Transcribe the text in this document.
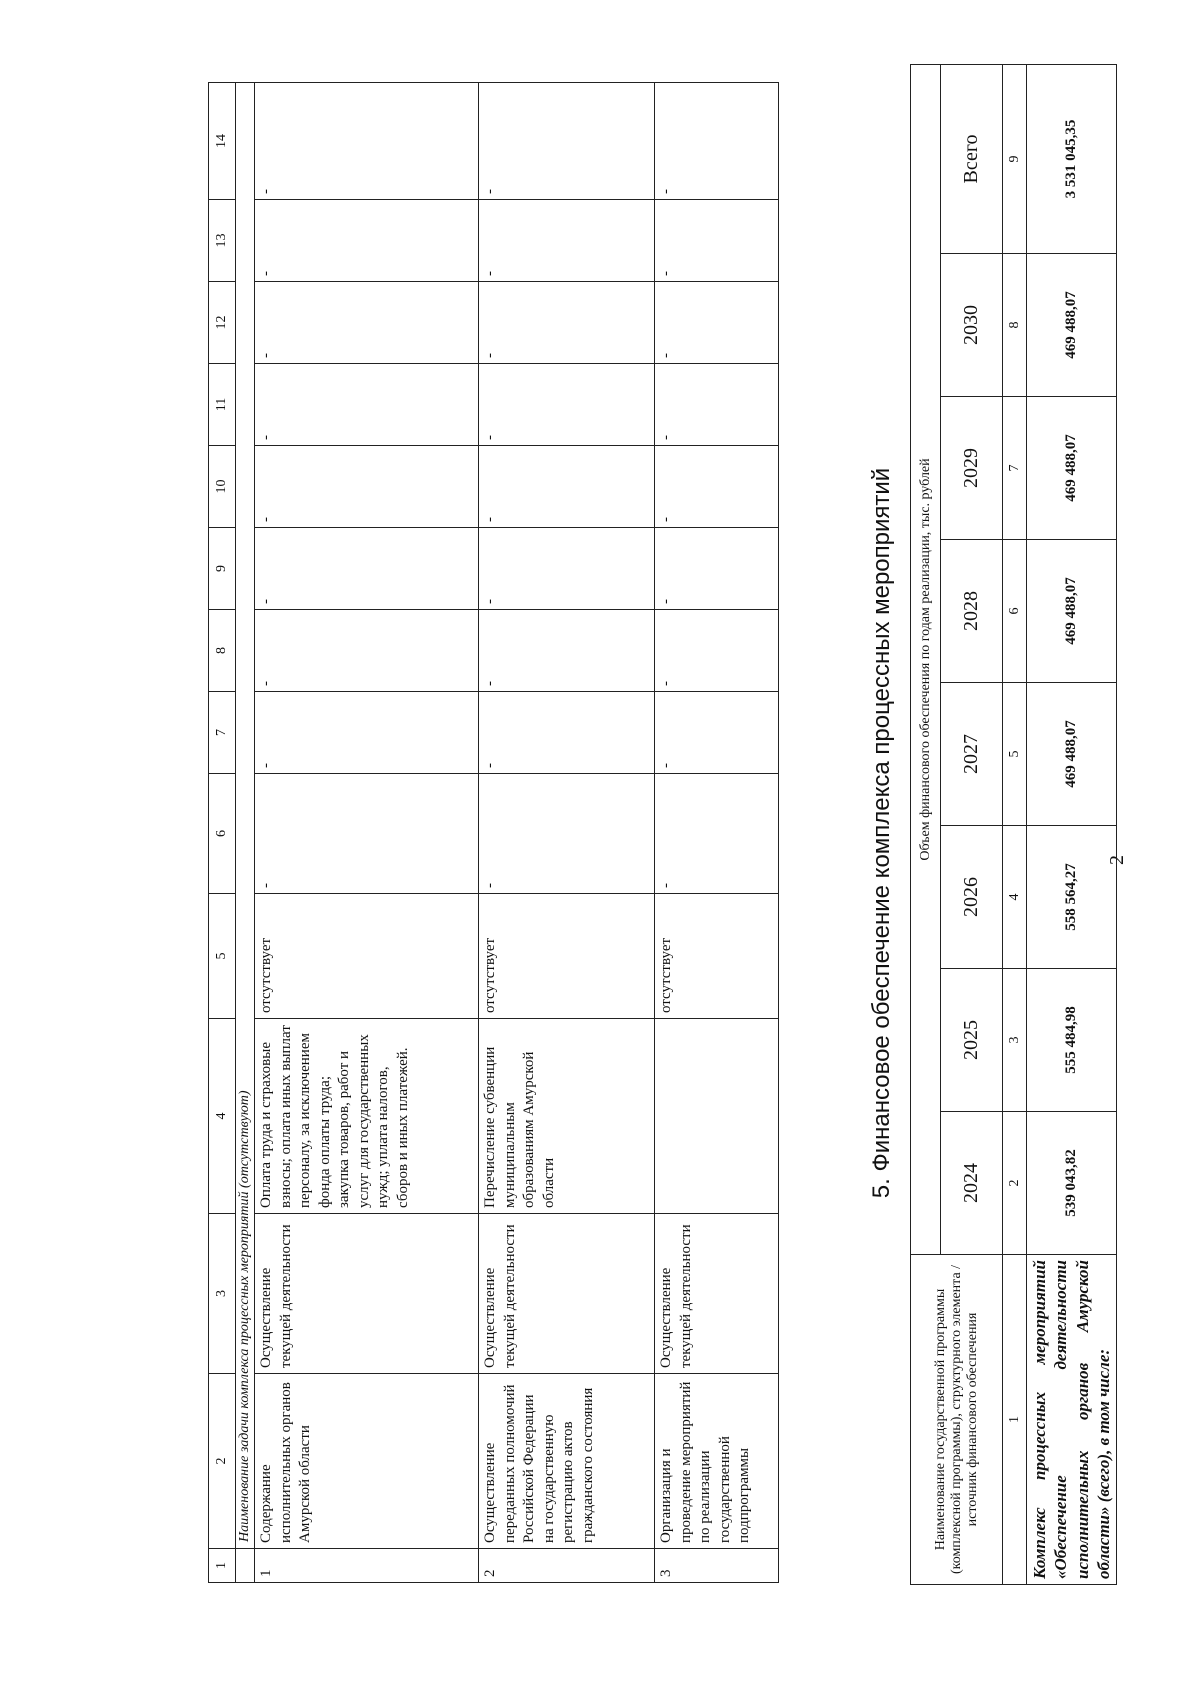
2
1	2	3	4	5	6	7	8	9	10	11	12	13	14
	Наименование задачи комплекса процессных мероприятий (отсутствуют)												
1	Содержание исполнительных органов Амурской области	Осуществление текущей деятельности	Оплата труда и страховые взносы; оплата иных выплат персоналу, за исключением фонда оплаты труда; закупка товаров, работ и услуг для государственных нужд; уплата налогов, сборов и иных платежей.	отсутствует	-	-	-	-	-	-	-	-	-
2	Осуществление переданных полномочий Российской Федерации на государственную регистрацию актов гражданского состояния	Осуществление текущей деятельности	Перечисление субвенции муниципальным образованиям Амурской области	отсутствует	-	-	-	-	-	-	-	-	-
3	Организация и проведение мероприятий по реализации государственной подпрограммы	Осуществление текущей деятельности		отсутствует	-	-	-	-	-	-	-	-	-
5. Финансовое обеспечение комплекса процессных мероприятий
Наименование государственной программы (комплексной программы), структурного элемента / источник финансового обеспечения	Объем финансового обеспечения по годам реализации, тыс. рублей							
	2024	2025	2026	2027	2028	2029	2030	Всего
1	2	3	4	5	6	7	8	9
Комплекс процессных мероприятий «Обеспечение деятельности исполнительных органов Амурской области» (всего), в том числе:	539 043,82	555 484,98	558 564,27	469 488,07	469 488,07	469 488,07	469 488,07	3 531 045,35
